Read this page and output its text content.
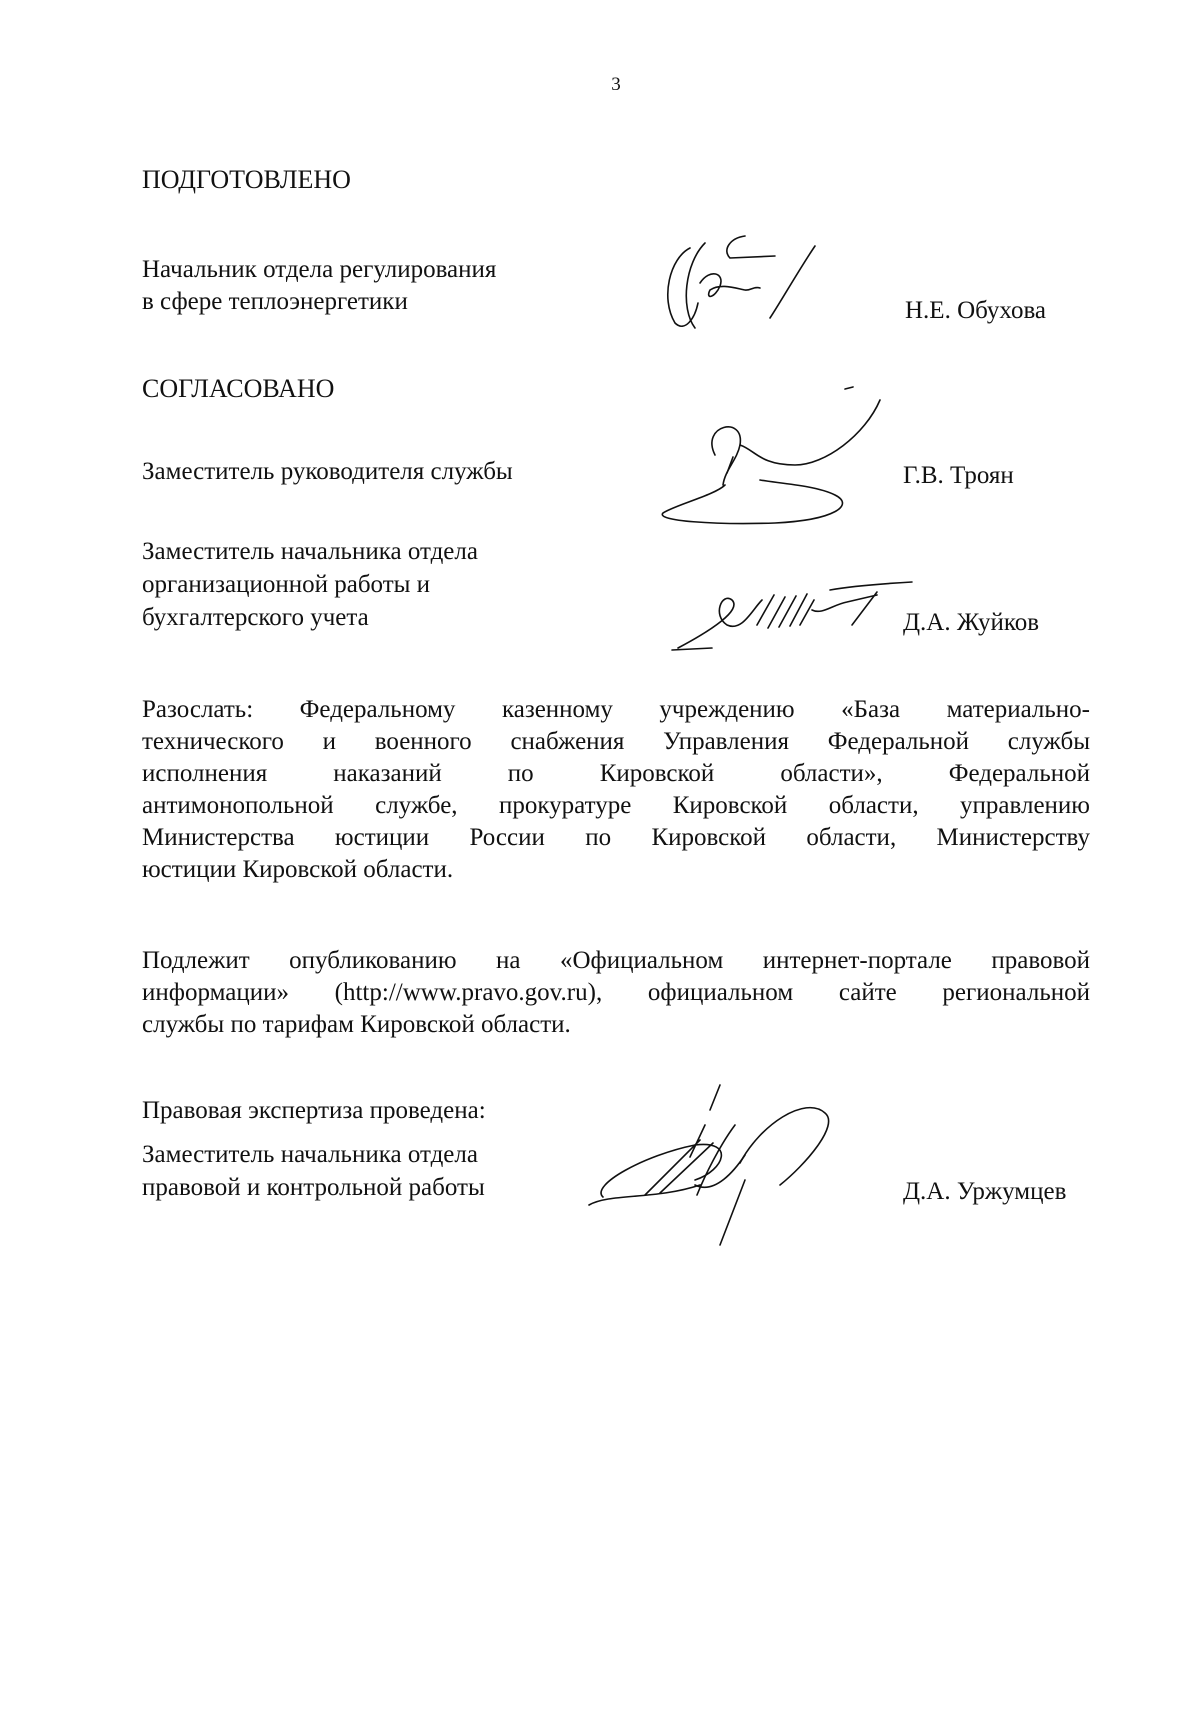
3
ПОДГОТОВЛЕНО
Начальник отдела регулирования
в сфере теплоэнергетики	Н.Е. Обухова
СОГЛАСОВАНО
Заместитель руководителя службы	Г.В. Троян
Заместитель начальника отдела
организационной работы и
бухгалтерского учета	Д.А. Жуйков
Разослать: Федеральному казенному учреждению «База материально-
технического и военного снабжения Управления Федеральной службы
исполнения наказаний по Кировской области», Федеральной
антимонопольной службе, прокуратуре Кировской области, управлению
Министерства юстиции России по Кировской области, Министерству
юстиции Кировской области.
Подлежит опубликованию на «Официальном интернет-портале правовой
информации» (http://www.pravo.gov.ru), официальном сайте региональной
службы по тарифам Кировской области.
Правовая экспертиза проведена:
Заместитель начальника отдела
правовой и контрольной работы	Д.А. Уржумцев
